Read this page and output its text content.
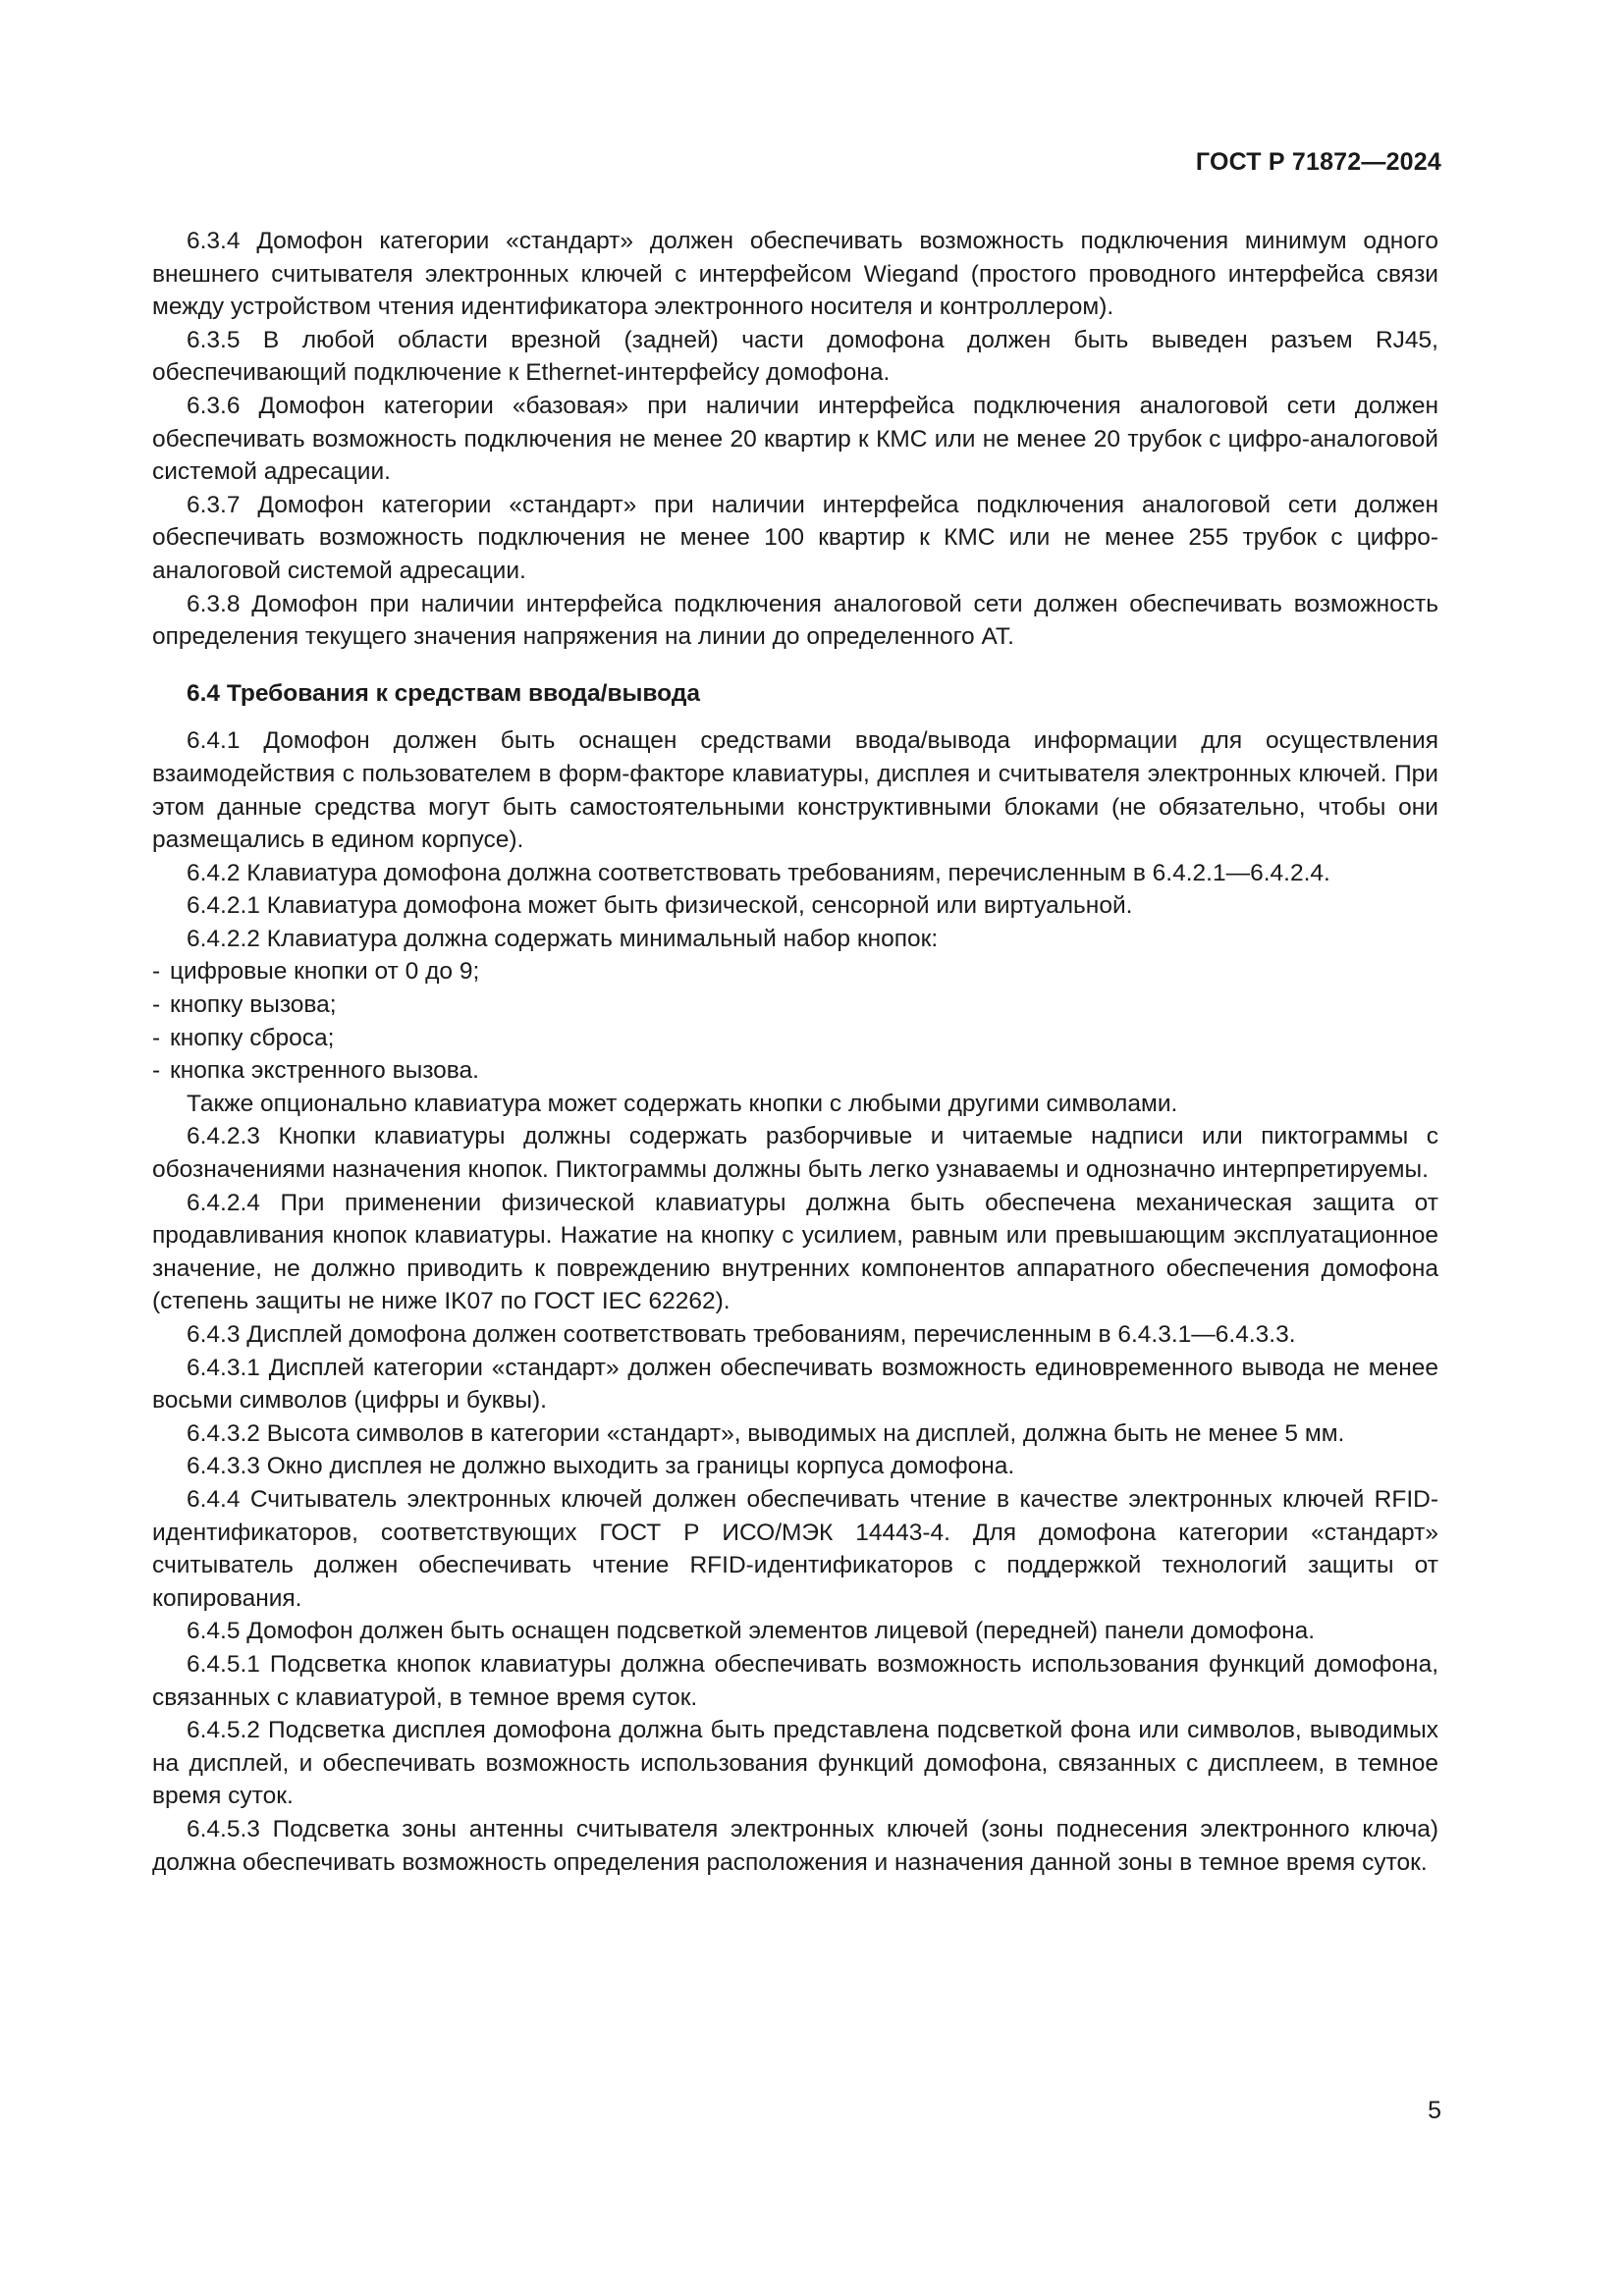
ГОСТ Р 71872—2024

6.3.4 Домофон категории «стандарт» должен обеспечивать возможность подключения минимум одного внешнего считывателя электронных ключей с интерфейсом Wiegand (простого проводного интерфейса связи между устройством чтения идентификатора электронного носителя и контроллером).

6.3.5 В любой области врезной (задней) части домофона должен быть выведен разъем RJ45, обеспечивающий подключение к Ethernet-интерфейсу домофона.

6.3.6 Домофон категории «базовая» при наличии интерфейса подключения аналоговой сети должен обеспечивать возможность подключения не менее 20 квартир к КМС или не менее 20 трубок с цифро-аналоговой системой адресации.

6.3.7 Домофон категории «стандарт» при наличии интерфейса подключения аналоговой сети должен обеспечивать возможность подключения не менее 100 квартир к КМС или не менее 255 трубок с цифро-аналоговой системой адресации.

6.3.8 Домофон при наличии интерфейса подключения аналоговой сети должен обеспечивать возможность определения текущего значения напряжения на линии до определенного АТ.

6.4 Требования к средствам ввода/вывода

6.4.1 Домофон должен быть оснащен средствами ввода/вывода информации для осуществления взаимодействия с пользователем в форм-факторе клавиатуры, дисплея и считывателя электронных ключей. При этом данные средства могут быть самостоятельными конструктивными блоками (не обязательно, чтобы они размещались в едином корпусе).

6.4.2 Клавиатура домофона должна соответствовать требованиям, перечисленным в 6.4.2.1—6.4.2.4.

6.4.2.1 Клавиатура домофона может быть физической, сенсорной или виртуальной.

6.4.2.2 Клавиатура должна содержать минимальный набор кнопок:

- цифровые кнопки от 0 до 9;

- кнопку вызова;

- кнопку сброса;

- кнопка экстренного вызова.

Также опционально клавиатура может содержать кнопки с любыми другими символами.

6.4.2.3 Кнопки клавиатуры должны содержать разборчивые и читаемые надписи или пиктограммы с обозначениями назначения кнопок. Пиктограммы должны быть легко узнаваемы и однозначно интерпретируемы.

6.4.2.4 При применении физической клавиатуры должна быть обеспечена механическая защита от продавливания кнопок клавиатуры. Нажатие на кнопку с усилием, равным или превышающим эксплуатационное значение, не должно приводить к повреждению внутренних компонентов аппаратного обеспечения домофона (степень защиты не ниже IK07 по ГОСТ IEC 62262).

6.4.3 Дисплей домофона должен соответствовать требованиям, перечисленным в 6.4.3.1—6.4.3.3.

6.4.3.1 Дисплей категории «стандарт» должен обеспечивать возможность единовременного вывода не менее восьми символов (цифры и буквы).

6.4.3.2 Высота символов в категории «стандарт», выводимых на дисплей, должна быть не менее 5 мм.

6.4.3.3 Окно дисплея не должно выходить за границы корпуса домофона.

6.4.4 Считыватель электронных ключей должен обеспечивать чтение в качестве электронных ключей RFID-идентификаторов, соответствующих ГОСТ Р ИСО/МЭК 14443-4. Для домофона категории «стандарт» считыватель должен обеспечивать чтение RFID-идентификаторов с поддержкой технологий защиты от копирования.

6.4.5 Домофон должен быть оснащен подсветкой элементов лицевой (передней) панели домофона.

6.4.5.1 Подсветка кнопок клавиатуры должна обеспечивать возможность использования функций домофона, связанных с клавиатурой, в темное время суток.

6.4.5.2 Подсветка дисплея домофона должна быть представлена подсветкой фона или символов, выводимых на дисплей, и обеспечивать возможность использования функций домофона, связанных с дисплеем, в темное время суток.

6.4.5.3 Подсветка зоны антенны считывателя электронных ключей (зоны поднесения электронного ключа) должна обеспечивать возможность определения расположения и назначения данной зоны в темное время суток.

5
